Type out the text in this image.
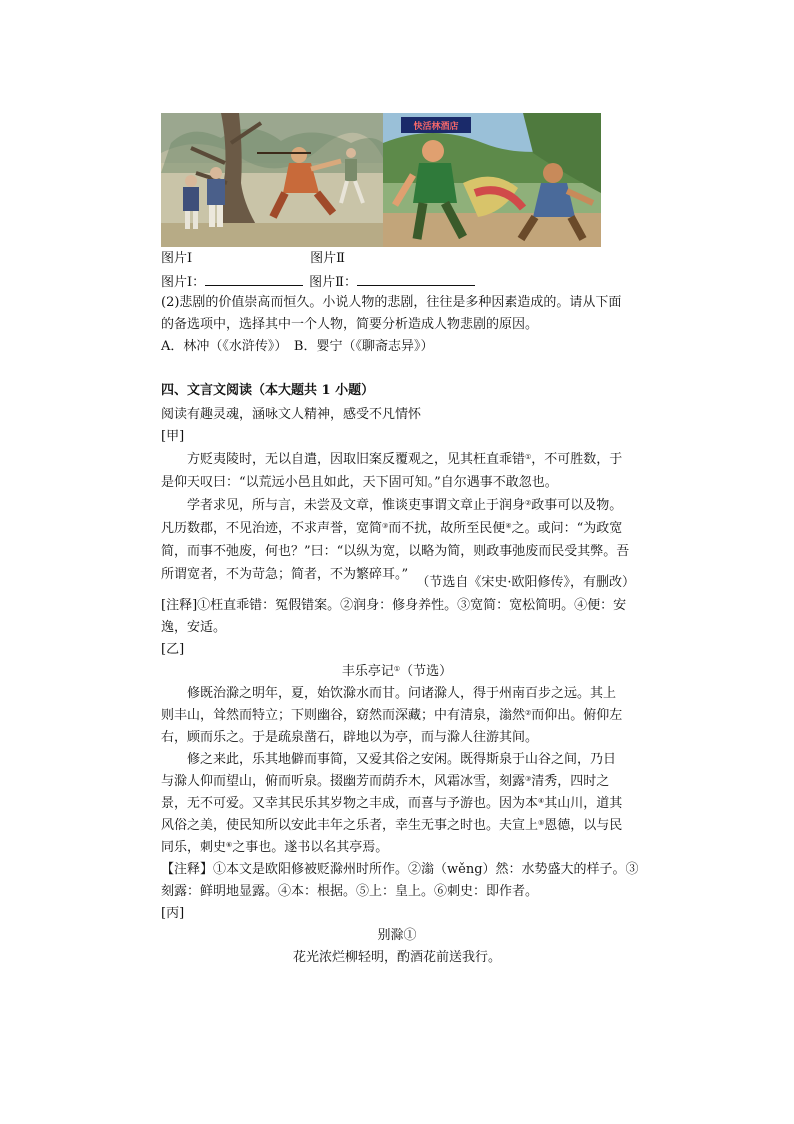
快活林酒店
图片Ⅰ	图片Ⅱ
图片Ⅰ：	图片Ⅱ：
(2)悲剧的价值崇高而恒久。小说人物的悲剧，往往是多种因素造成的。请从下面
的备选项中，选择其中一个人物，简要分析造成人物悲剧的原因。
A．林冲（《水浒传》）　B．婴宁（《聊斋志异》）
四、文言文阅读（本大题共 1 小题）
阅读有趣灵魂，涵咏文人精神，感受不凡情怀
[甲]
方贬夷陵时，无以自遣，因取旧案反覆观之，见其枉直乖错①，不可胜数，于
是仰天叹曰：“以荒远小邑且如此，天下固可知。”自尔遇事不敢忽也。
学者求见，所与言，未尝及文章，惟谈吏事谓文章止于润身②政事可以及物。
凡历数郡，不见治迹，不求声誉，宽简③而不扰，故所至民便④之。或问：“为政宽
简，而事不弛废，何也？”曰：“以纵为宽，以略为简，则政事弛废而民受其弊。吾
所谓宽者，不为苛急；简者，不为繁碎耳。”
（节选自《宋史·欧阳修传》，有删改）
[注释]①枉直乖错：冤假错案。②润身：修身养性。③宽简：宽松简明。④便：安
逸，安适。
[乙]
丰乐亭记①（节选）
修既治滁之明年，夏，始饮滁水而甘。问诸滁人，得于州南百步之远。其上
则丰山，耸然而特立；下则幽谷，窈然而深藏；中有清泉，滃然②而仰出。俯仰左
右，顾而乐之。于是疏泉凿石，辟地以为亭，而与滁人往游其间。
修之来此，乐其地僻而事简，又爱其俗之安闲。既得斯泉于山谷之间，乃日
与滁人仰而望山，俯而听泉。掇幽芳而荫乔木，风霜冰雪，刻露③清秀，四时之
景，无不可爱。又幸其民乐其岁物之丰成，而喜与予游也。因为本④其山川，道其
风俗之美，使民知所以安此丰年之乐者，幸生无事之时也。夫宣上⑤恩德，以与民
同乐，刺史⑥之事也。遂书以名其亭焉。
【注释】①本文是欧阳修被贬滁州时所作。②滃（wěng）然：水势盛大的样子。③
刻露：鲜明地显露。④本：根据。⑤上：皇上。⑥刺史：即作者。
[丙]
别滁①
花光浓烂柳轻明，酌酒花前送我行。
